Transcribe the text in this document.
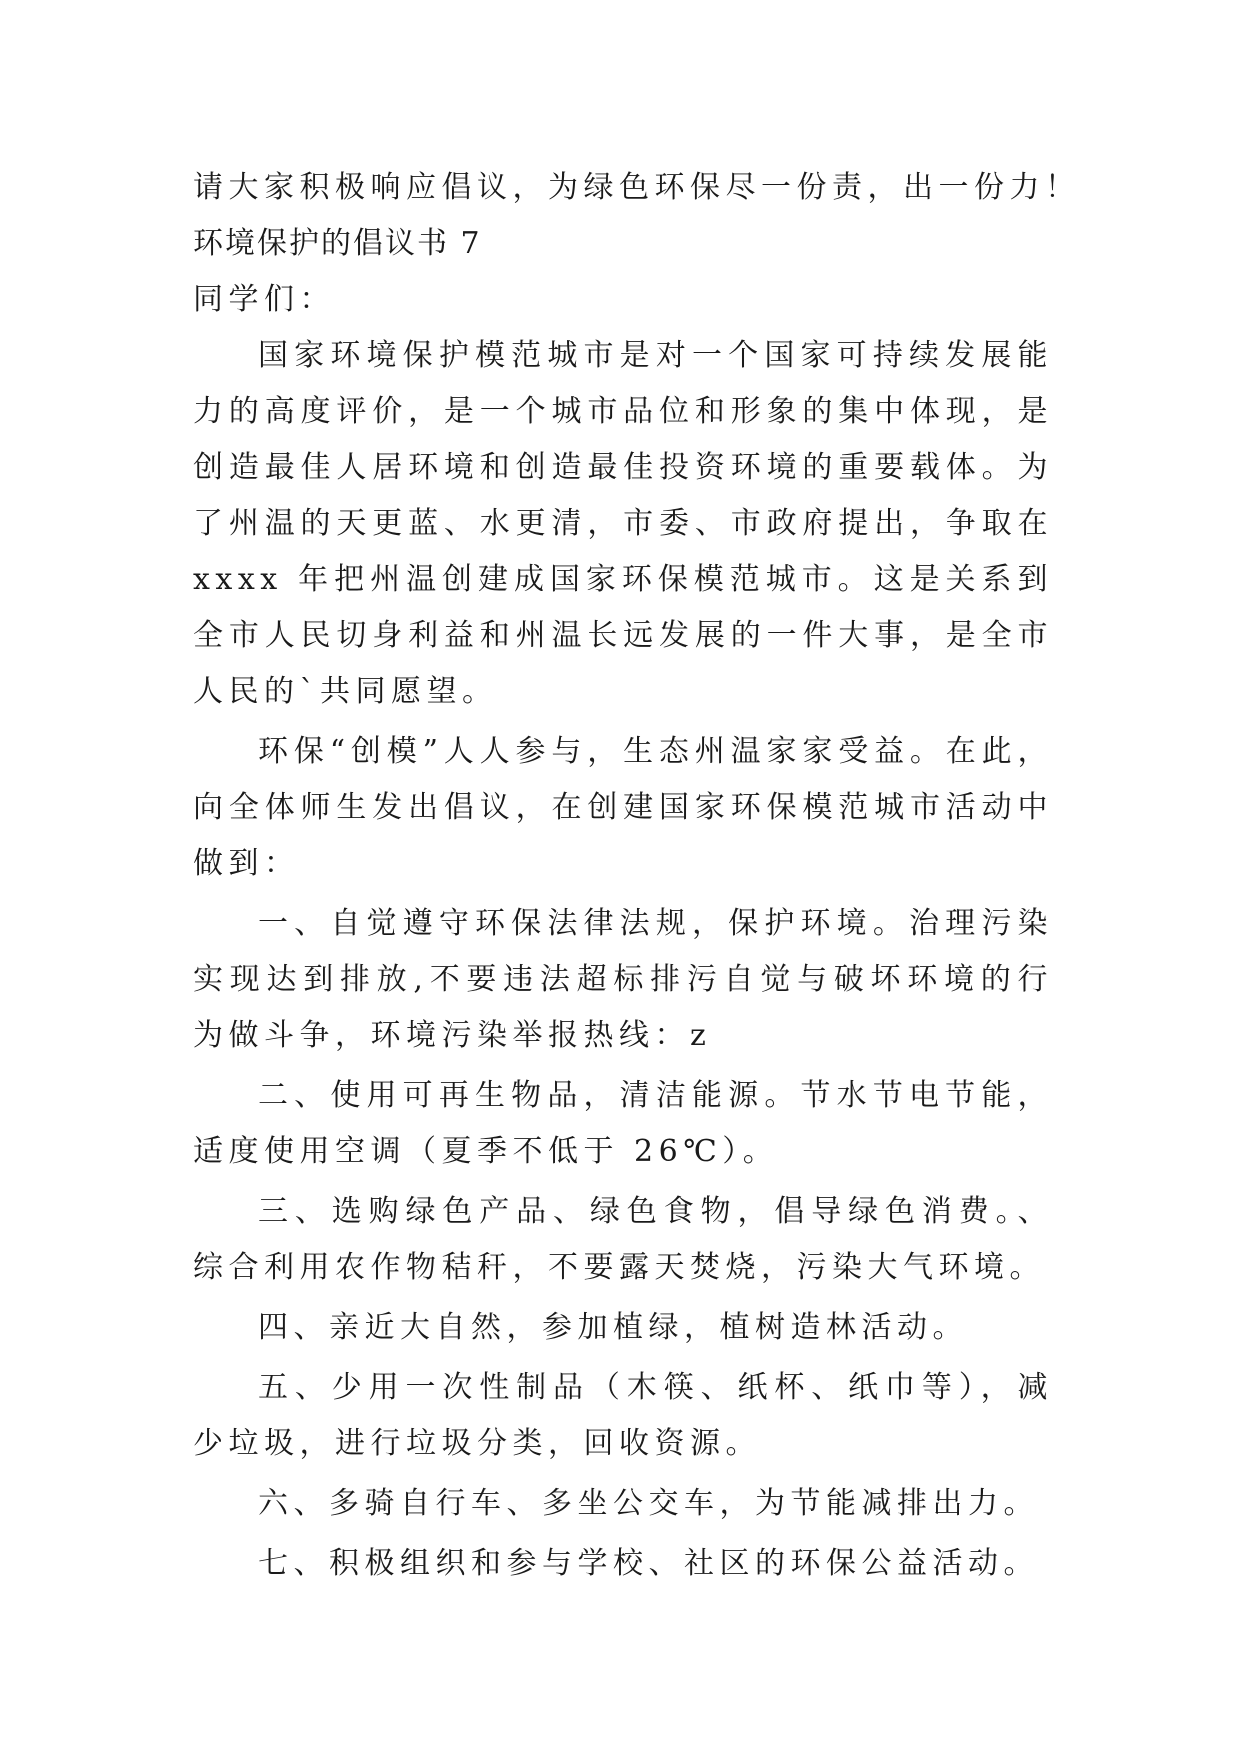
请大家积极响应倡议，为绿色环保尽一份责，出一份力！

环境保护的倡议书 7

同学们：

国家环境保护模范城市是对一个国家可持续发展能力的高度评价，是一个城市品位和形象的集中体现，是创造最佳人居环境和创造最佳投资环境的重要载体。为了州温的天更蓝、水更清，市委、市政府提出，争取在 xxxx 年把州温创建成国家环保模范城市。这是关系到全市人民切身利益和州温长远发展的一件大事，是全市人民的`共同愿望。

环保“创模”人人参与，生态州温家家受益。在此，向全体师生发出倡议，在创建国家环保模范城市活动中做到：

一、自觉遵守环保法律法规，保护环境。治理污染实现达到排放,不要违法超标排污自觉与破坏环境的行为做斗争，环境污染举报热线：z

二、使用可再生物品，清洁能源。节水节电节能，适度使用空调（夏季不低于 26℃）。

三、选购绿色产品、绿色食物，倡导绿色消费。、综合利用农作物秸秆，不要露天焚烧，污染大气环境。

四、亲近大自然，参加植绿，植树造林活动。

五、少用一次性制品（木筷、纸杯、纸巾等），减少垃圾，进行垃圾分类，回收资源。

六、多骑自行车、多坐公交车，为节能减排出力。

七、积极组织和参与学校、社区的环保公益活动。
